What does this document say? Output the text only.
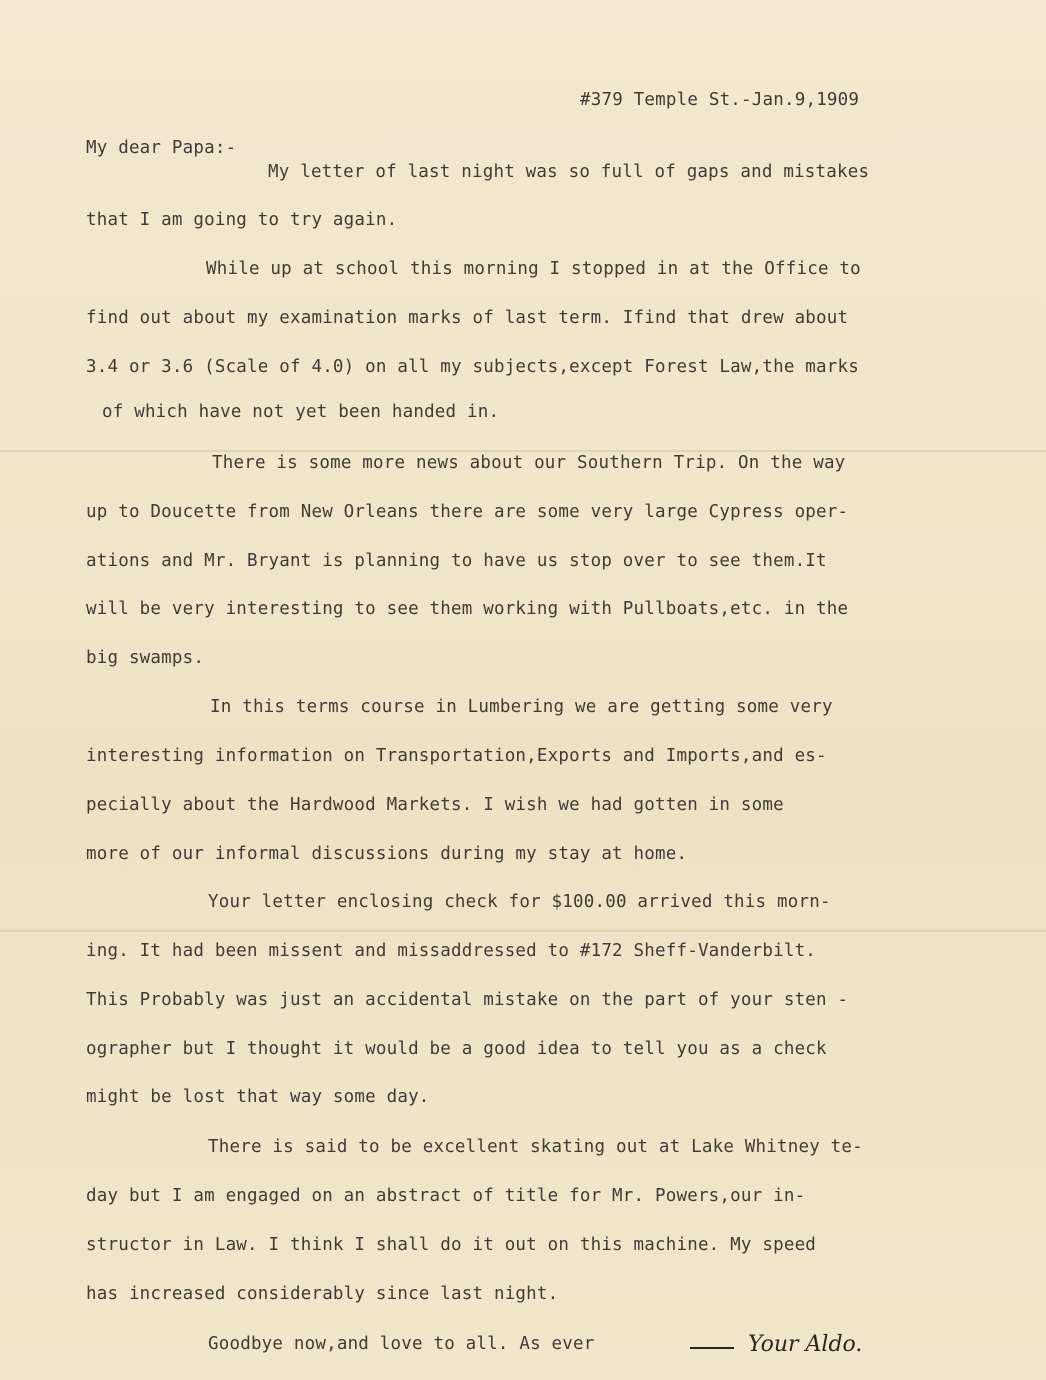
#379 Temple St.-Jan.9,1909
My dear Papa:-
My letter of last night was so full of gaps and mistakes
that I am going to try again.
While up at school this morning I stopped in at the Office to
find out about my examination marks of last term. Ifind that drew about
3.4 or 3.6 (Scale of 4.0) on all my subjects,except Forest Law,the marks
of which have not yet been handed in.
There is some more news about our Southern Trip. On the way
up to Doucette from New Orleans there are some very large Cypress oper-
ations and Mr. Bryant is planning to have us stop over to see them.It
will be very interesting to see them working with Pullboats,etc. in the
big swamps.
In this terms course in Lumbering we are getting some very
interesting information on Transportation,Exports and Imports,and es-
pecially about the Hardwood Markets. I wish we had gotten in some
more of our informal discussions during my stay at home.
Your letter enclosing check for $100.00 arrived this morn-
ing. It had been missent and missaddressed to #172 Sheff-Vanderbilt.
This Probably was just an accidental mistake on the part of your sten -
ographer but I thought it would be a good idea to tell you as a check
might be lost that way some day.
There is said to be excellent skating out at Lake Whitney te-
day but I am engaged on an abstract of title for Mr. Powers,our in-
structor in Law. I think I shall do it out on this machine. My speed
has increased considerably since last night.
Goodbye now,and love to all. As ever	Your Aldo.
